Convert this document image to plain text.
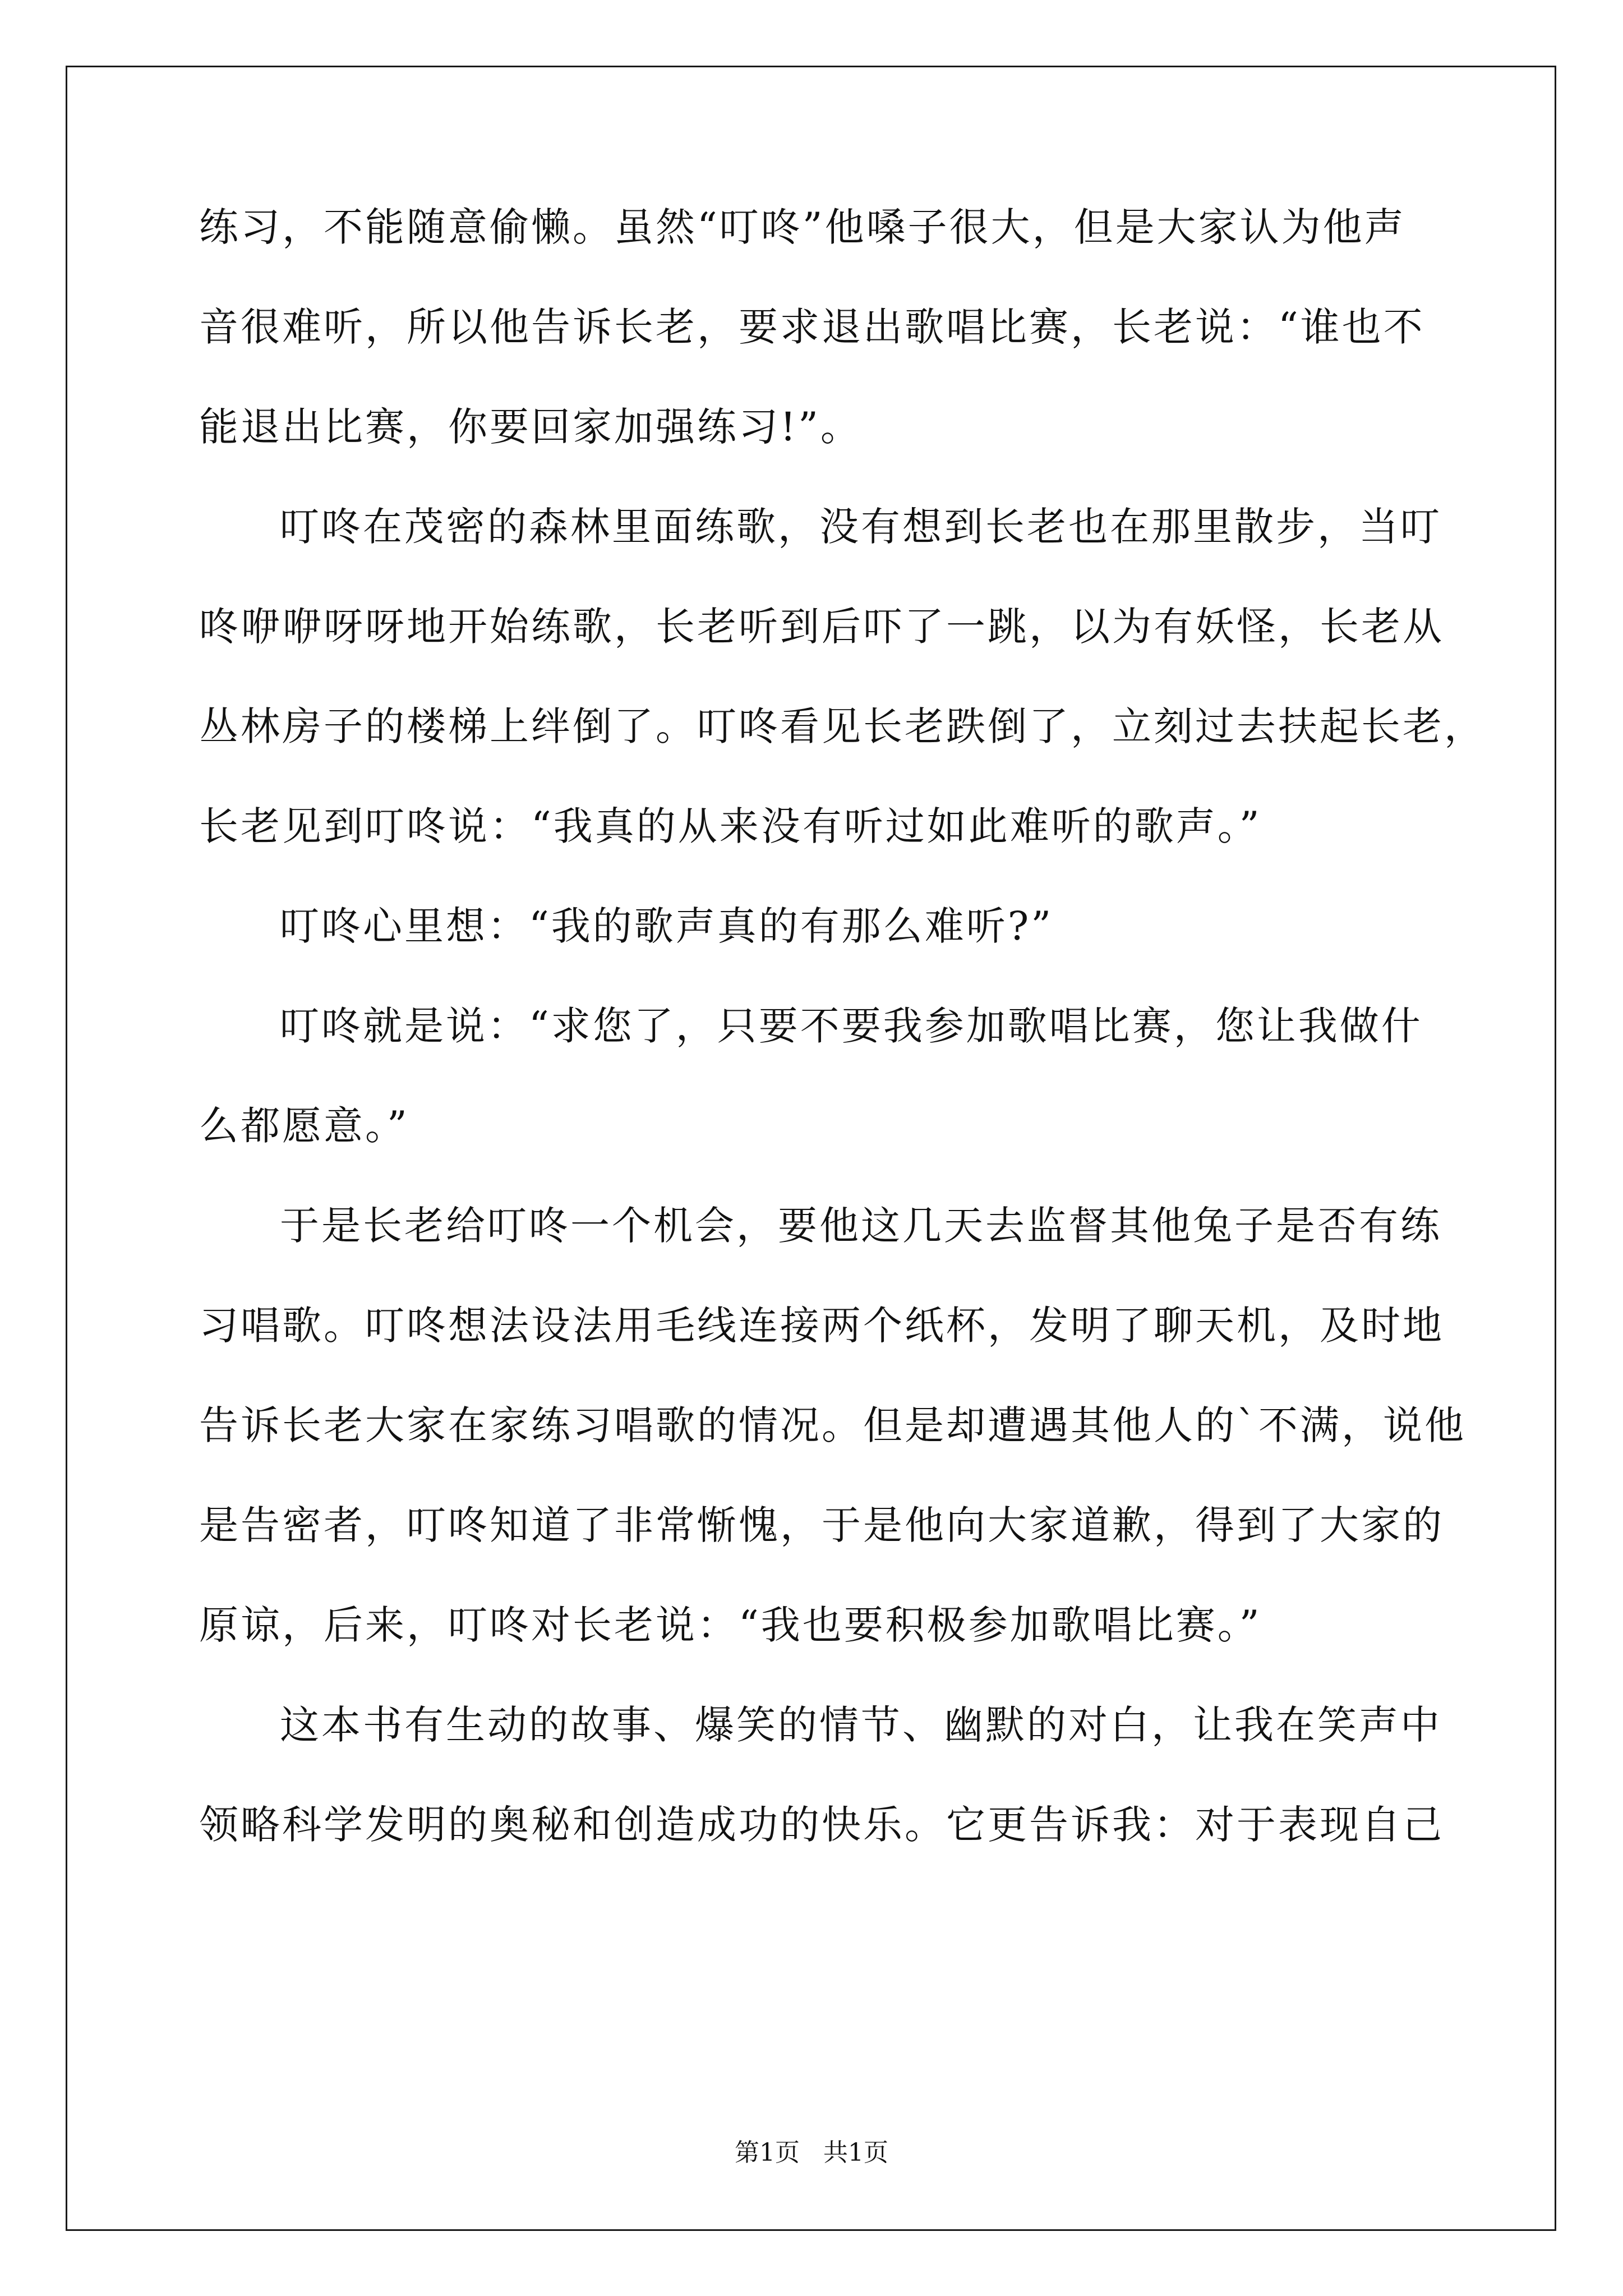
练习，不能随意偷懒。虽然“叮咚”他嗓子很大，但是大家认为他声
音很难听，所以他告诉长老，要求退出歌唱比赛，长老说：“谁也不
能退出比赛，你要回家加强练习!”。
叮咚在茂密的森林里面练歌，没有想到长老也在那里散步，当叮
咚咿咿呀呀地开始练歌，长老听到后吓了一跳，以为有妖怪，长老从
丛林房子的楼梯上绊倒了。叮咚看见长老跌倒了，立刻过去扶起长老，
长老见到叮咚说：“我真的从来没有听过如此难听的歌声。”
叮咚心里想：“我的歌声真的有那么难听?”
叮咚就是说：“求您了，只要不要我参加歌唱比赛，您让我做什
么都愿意。”
于是长老给叮咚一个机会，要他这几天去监督其他兔子是否有练
习唱歌。叮咚想法设法用毛线连接两个纸杯，发明了聊天机，及时地
告诉长老大家在家练习唱歌的情况。但是却遭遇其他人的`不满，说他
是告密者，叮咚知道了非常惭愧，于是他向大家道歉，得到了大家的
原谅，后来，叮咚对长老说：“我也要积极参加歌唱比赛。”
这本书有生动的故事、爆笑的情节、幽默的对白，让我在笑声中
领略科学发明的奥秘和创造成功的快乐。它更告诉我：对于表现自己
第1页   共1页
